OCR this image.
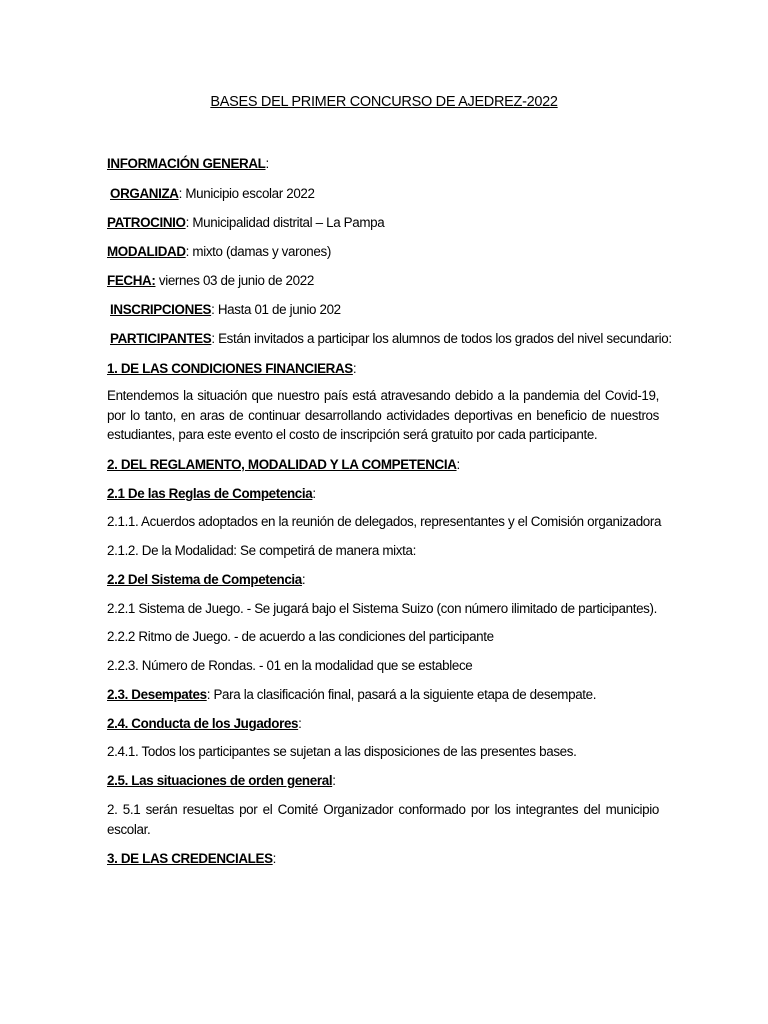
BASES DEL PRIMER CONCURSO DE AJEDREZ-2022
INFORMACIÓN GENERAL:
ORGANIZA: Municipio escolar 2022
PATROCINIO: Municipalidad distrital – La Pampa
MODALIDAD: mixto (damas y varones)
FECHA: viernes 03 de junio de 2022
INSCRIPCIONES: Hasta 01 de junio 202
PARTICIPANTES: Están invitados a participar los alumnos de todos los grados del nivel secundario:
1. DE LAS CONDICIONES FINANCIERAS:
Entendemos la situación que nuestro país está atravesando debido a la pandemia del Covid-19, por lo tanto, en aras de continuar desarrollando actividades deportivas en beneficio de nuestros estudiantes, para este evento el costo de inscripción será gratuito por cada participante.
2. DEL REGLAMENTO, MODALIDAD Y LA COMPETENCIA:
2.1 De las Reglas de Competencia:
2.1.1. Acuerdos adoptados en la reunión de delegados, representantes y el Comisión organizadora
2.1.2. De la Modalidad: Se competirá de manera mixta:
2.2 Del Sistema de Competencia:
2.2.1 Sistema de Juego. - Se jugará bajo el Sistema Suizo (con número ilimitado de participantes).
2.2.2 Ritmo de Juego. - de acuerdo a las condiciones del participante
2.2.3. Número de Rondas. - 01 en la modalidad que se establece
2.3. Desempates: Para la clasificación final, pasará a la siguiente etapa de desempate.
2.4. Conducta de los Jugadores:
2.4.1. Todos los participantes se sujetan a las disposiciones de las presentes bases.
2.5. Las situaciones de orden general:
2. 5.1 serán resueltas por el Comité Organizador conformado por los integrantes del municipio escolar.
3. DE LAS CREDENCIALES:
